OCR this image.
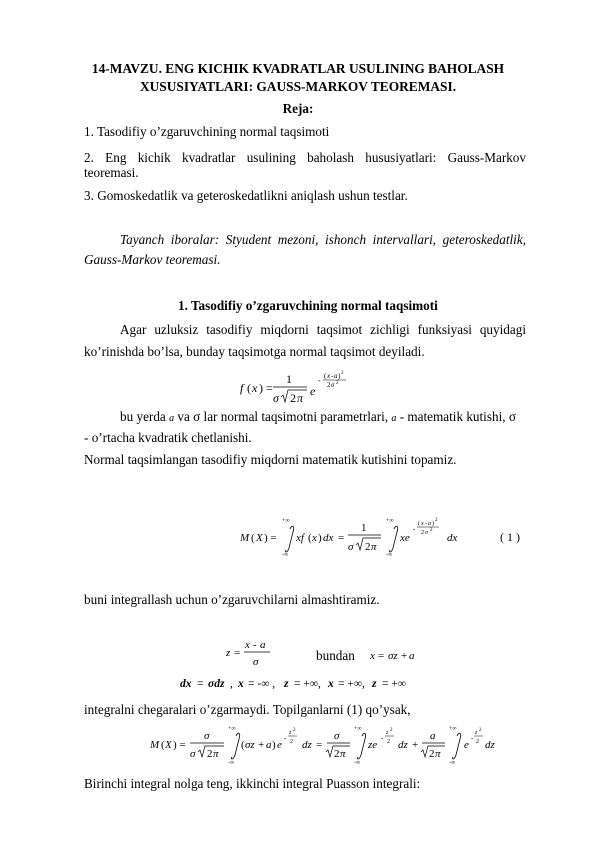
14-MAVZU. ENG KICHIK KVADRATLAR USULINING BAHOLASH
XUSUSIYATLARI: GAUSS-MARKOV TEOREMASI.
Reja:
1. Tasodifiy o’zgaruvchining normal taqsimoti
2. Eng kichik kvadratlar usulining baholash hususiyatlari: Gauss-Markov
teoremasi.
3. Gomoskedatlik va geteroskedatlikni aniqlash ushun testlar.
Tayanch iboralar: Styudent mezoni, ishonch intervallari, geteroskedatlik,
Gauss-Markov teoremasi.
1. Tasodifiy o’zgaruvchining normal taqsimoti
Agar uzluksiz tasodifiy miqdorni taqsimot zichligi funksiyasi quyidagi
ko’rinishda bo’lsa, bunday taqsimotga normal taqsimot deyiladi.
f ( x ) =
1
σ 2 π e
- ( x - a ) 2
2 σ 2
bu yerda a va σ lar normal taqsimotni parametrlari, a - matematik kutishi, σ
- o’rtacha kvadratik chetlanishi.
Normal taqsimlangan tasodifiy miqdorni matematik kutishini topamiz.
M ( X ) =
+∞
-∞
xf ( x ) dx =
1
σ 2 π
+∞
-∞
xe
-
( x - a )
2
2 σ 2
dx	( 1 )
buni integrallash uchun o’zgaruvchilarni almashtiramiz.
z =
x - a
σ	bundan x = σz + a
dx = σdz , x = -∞ , z = +∞, x = +∞, z = +∞
integralni chegaralari o’zgarmaydi. Topilganlarni (1) qo’ysak,
M ( X ) =
σ
σ 2 π
+∞
-∞
( σz + a ) e
-
z 2
2 dz =
σ
2 π
+∞
-∞
ze
-
z 2
2 dz +
a
2 π
+∞
-∞
e
-
z 2
2 dz
Birinchi integral nolga teng, ikkinchi integral Puasson integrali:
